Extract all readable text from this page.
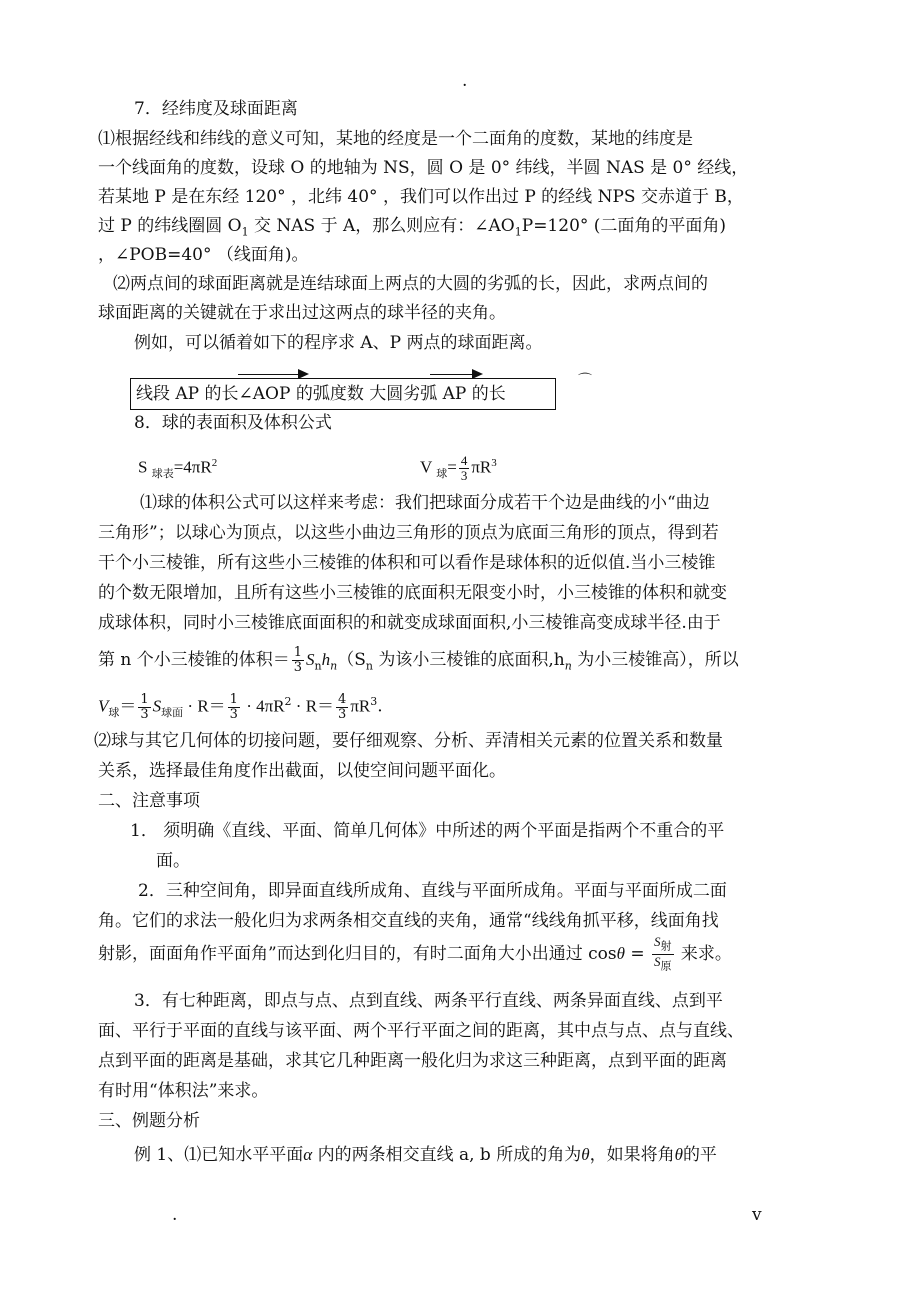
.
7．经纬度及球面距离
⑴根据经线和纬线的意义可知，某地的经度是一个二面角的度数，某地的纬度是
一个线面角的度数，设球 O 的地轴为 NS，圆 O 是 0° 纬线，半圆 NAS 是 0° 经线，
若某地 P 是在东经 120° ，北纬 40° ，我们可以作出过 P 的经线 NPS 交赤道于 B，
过 P 的纬线圈圆 $O_1$ 交 NAS 于 A，那么则应有：$\angle AO_1P=120^\circ$ (二面角的平面角)
，∠POB=40° （线面角)。
⑵两点间的球面距离就是连结球面上两点的大圆的劣弧的长，因此，求两点间的
球面距离的关键就在于求出过这两点的球半径的夹角。
例如，可以循着如下的程序求 A、P 两点的球面距离。
线段 AP 的长∠AOP 的弧度数 大圆劣弧 AP 的长
⌒
8．球的表面积及体积公式
S $_{球表}=4\pi R^2$	V $_球= \frac{4}{3} \pi R^3$
⑴球的体积公式可以这样来考虑：我们把球面分成若干个边是曲线的小“曲边
三角形”；以球心为顶点，以这些小曲边三角形的顶点为底面三角形的顶点，得到若
干个小三棱锥，所有这些小三棱锥的体积和可以看作是球体积的近似值.当小三棱锥
的个数无限增加，且所有这些小三棱锥的底面积无限变小时，小三棱锥的体积和就变
成球体积，同时小三棱锥底面面积的和就变成球面面积,小三棱锥高变成球半径.由于
第 n 个小三棱锥的体积＝ $\frac{1}{3} S_nh_n(S_n$ 为该小三棱锥的底面积$,h_n$ 为小三棱锥高），所以
$V_球= \frac{1}{3} S_{球面} \cdot R= \frac{1}{3} \cdot 4\pi R^2 \cdot R= \frac{4}{3} \pi R^3$.
⑵球与其它几何体的切接问题，要仔细观察、分析、弄清相关元素的位置关系和数量
关系，选择最佳角度作出截面，以使空间问题平面化。
二、注意事项
1． 须明确《直线、平面、简单几何体》中所述的两个平面是指两个不重合的平
面。
2．三种空间角，即异面直线所成角、直线与平面所成角。平面与平面所成二面
角。它们的求法一般化归为求两条相交直线的夹角，通常“线线角抓平移，线面角找
射影，面面角作平面角”而达到化归目的，有时二面角大小出通过 $\cos\theta = \frac{S_射}{S_原}$ 来求。
3．有七种距离，即点与点、点到直线、两条平行直线、两条异面直线、点到平
面、平行于平面的直线与该平面、两个平行平面之间的距离，其中点与点、点与直线、
点到平面的距离是基础，求其它几种距离一般化归为求这三种距离，点到平面的距离
有时用“体积法”来求。
三、例题分析
例 1、⑴已知水平平面α 内的两条相交直线 a, b 所成的角为θ，如果将角θ的平
.	v
